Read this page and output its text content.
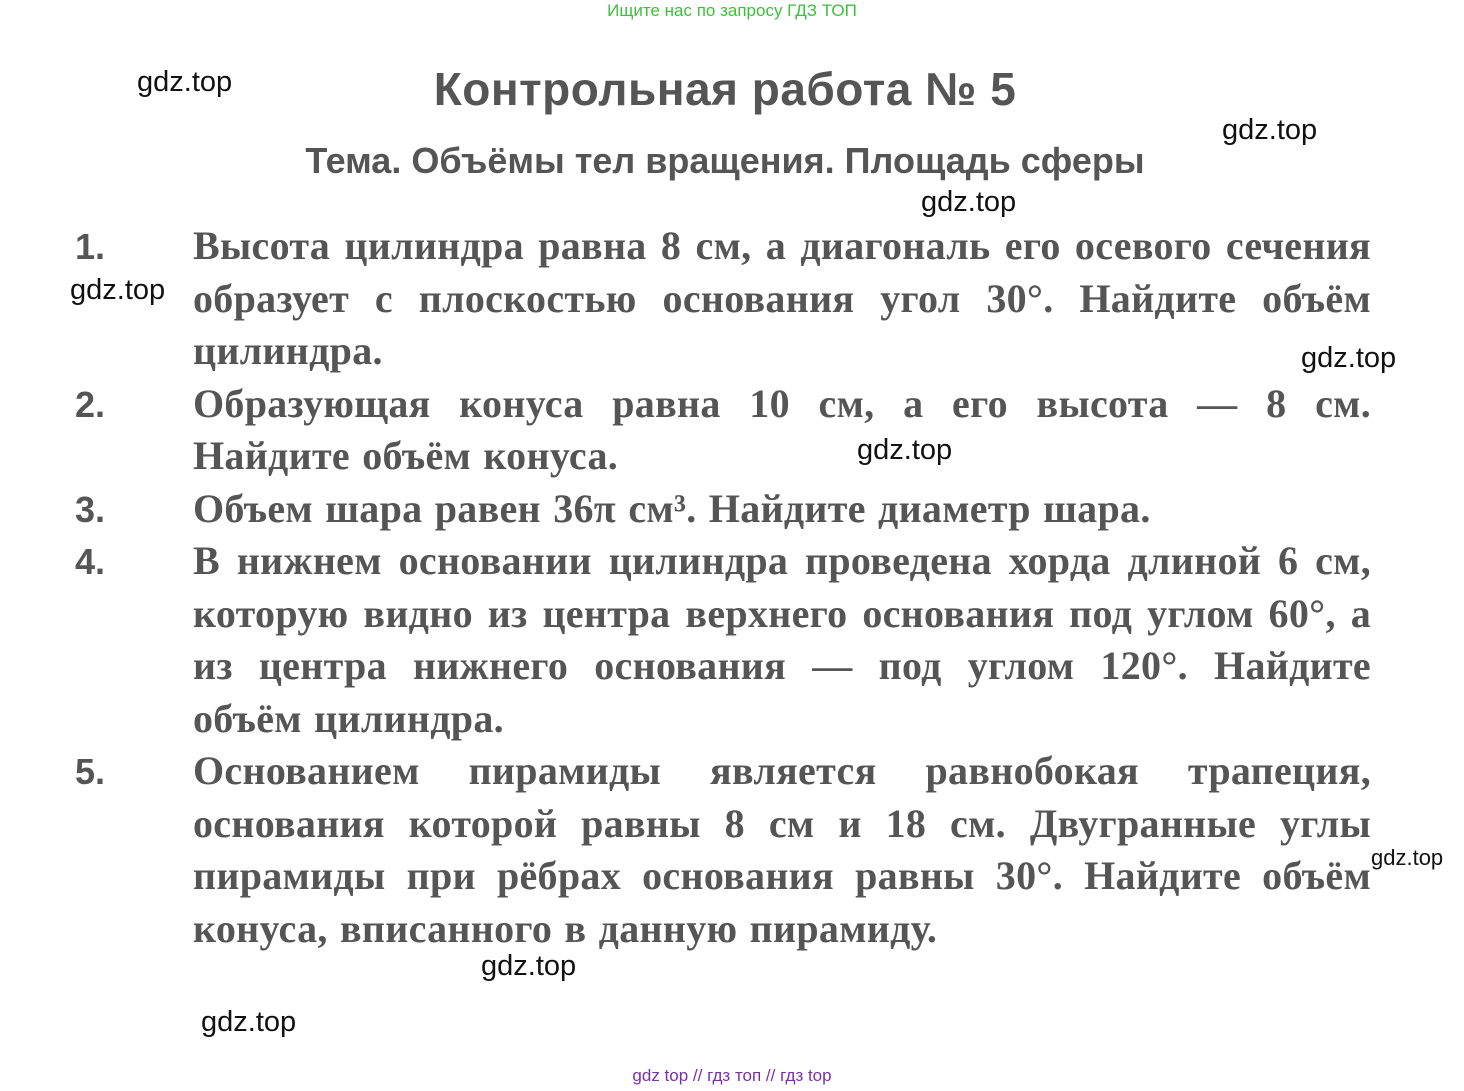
Ищите нас по запросу ГДЗ ТОП
Контрольная работа № 5
Тема. Объёмы тел вращения. Площадь сферы
1. Высота цилиндра равна 8 см, а диагональ его осевого сечения образует с плоскостью основания угол 30°. Найдите объём цилиндра.
2. Образующая конуса равна 10 см, а его высота — 8 см. Найдите объём конуса.
3. Объем шара равен 36π см³. Найдите диаметр шара.
4. В нижнем основании цилиндра проведена хорда длиной 6 см, которую видно из центра верхнего основания под углом 60°, а из центра нижнего основания — под углом 120°. Найдите объём цилиндра.
5. Основанием пирамиды является равнобокая трапеция, основания которой равны 8 см и 18 см. Двугранные углы пирамиды при рёбрах основания равны 30°. Найдите объём конуса, вписанного в данную пирамиду.
gdz.top
gdz.top
gdz.top
gdz.top
gdz.top
gdz.top
gdz.top
gdz.top
gdz.top
gdz top // гдз топ // гдз top
